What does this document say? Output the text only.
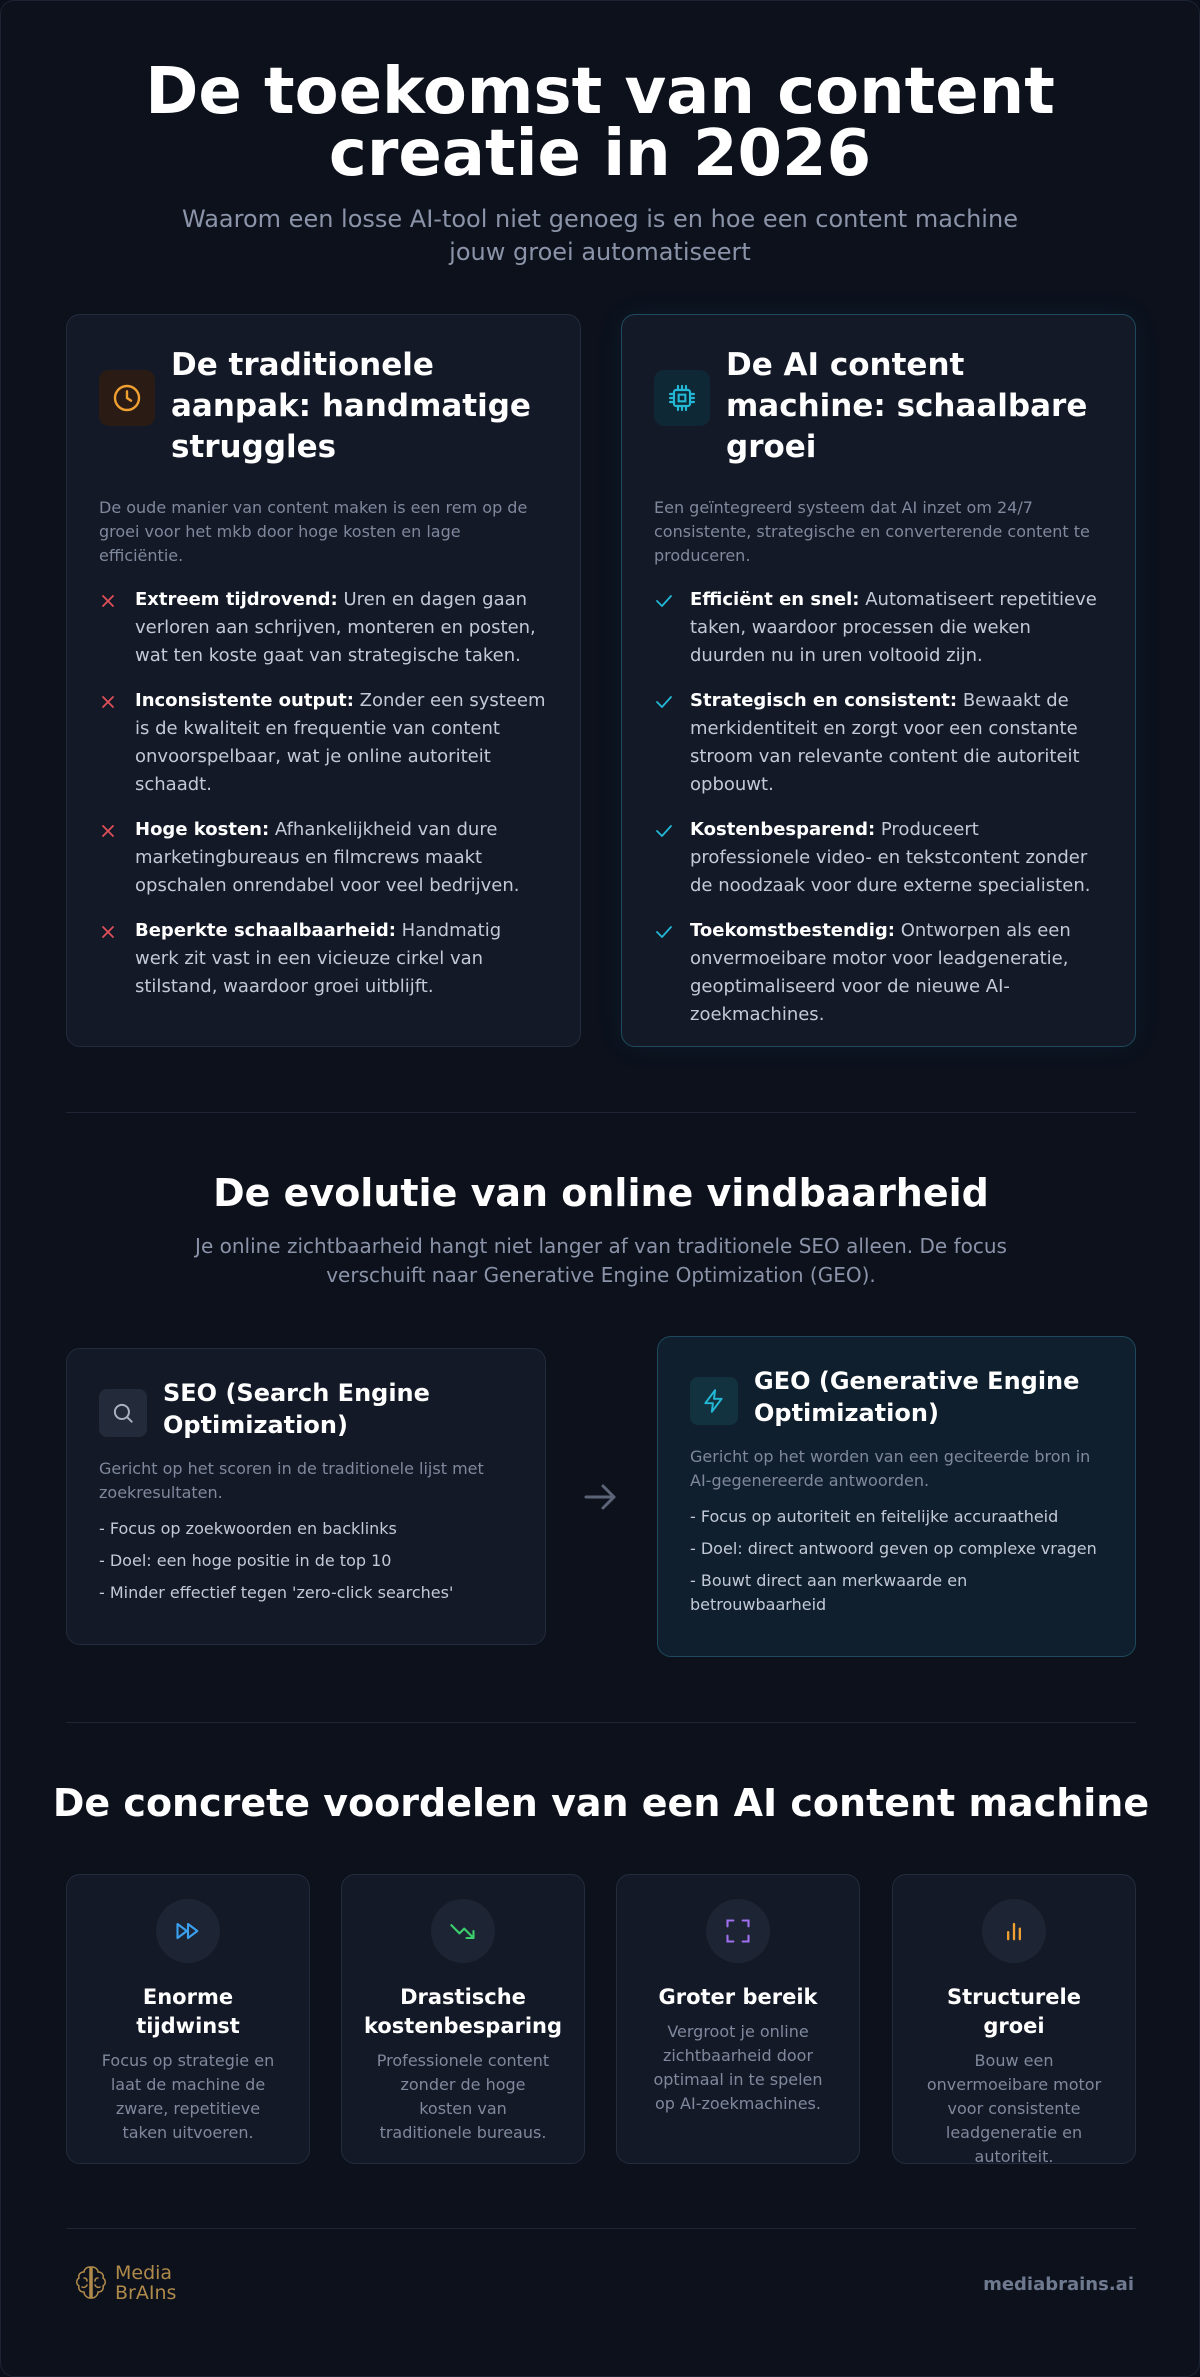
De toekomst van content creatie in 2026

Waarom een losse AI-tool niet genoeg is en hoe een content machine jouw groei automatiseert

De traditionele aanpak: handmatige struggles
De oude manier van content maken is een rem op de groei voor het mkb door hoge kosten en lage efficiëntie.
Extreem tijdrovend: Uren en dagen gaan verloren aan schrijven, monteren en posten, wat ten koste gaat van strategische taken.
Inconsistente output: Zonder een systeem is de kwaliteit en frequentie van content onvoorspelbaar, wat je online autoriteit schaadt.
Hoge kosten: Afhankelijkheid van dure marketingbureaus en filmcrews maakt opschalen onrendabel voor veel bedrijven.
Beperkte schaalbaarheid: Handmatig werk zit vast in een vicieuze cirkel van stilstand, waardoor groei uitblijft.
De AI content machine: schaalbare groei
Een geïntegreerd systeem dat AI inzet om 24/7 consistente, strategische en converterende content te produceren.
Efficiënt en snel: Automatiseert repetitieve taken, waardoor processen die weken duurden nu in uren voltooid zijn.
Strategisch en consistent: Bewaakt de merkidentiteit en zorgt voor een constante stroom van relevante content die autoriteit opbouwt.
Kostenbesparend: Produceert professionele video- en tekstcontent zonder de noodzaak voor dure externe specialisten.
Toekomstbestendig: Ontworpen als een onvermoeibare motor voor leadgeneratie, geoptimaliseerd voor de nieuwe AI-zoekmachines.
De evolutie van online vindbaarheid
Je online zichtbaarheid hangt niet langer af van traditionele SEO alleen. De focus verschuift naar Generative Engine Optimization (GEO).
SEO (Search Engine Optimization)
Gericht op het scoren in de traditionele lijst met zoekresultaten.
- Focus op zoekwoorden en backlinks
- Doel: een hoge positie in de top 10
- Minder effectief tegen 'zero-click searches'
GEO (Generative Engine Optimization)
Gericht op het worden van een geciteerde bron in AI-gegenereerde antwoorden.
- Focus op autoriteit en feitelijke accuraatheid
- Doel: direct antwoord geven op complexe vragen
- Bouwt direct aan merkwaarde en betrouwbaarheid
De concrete voordelen van een AI content machine
Enorme tijdwinst
Focus op strategie en laat de machine de zware, repetitieve taken uitvoeren.
Drastische kostenbesparing
Professionele content zonder de hoge kosten van traditionele bureaus.
Groter bereik
Vergroot je online zichtbaarheid door optimaal in te spelen op AI-zoekmachines.
Structurele groei
Bouw een onvermoeibare motor voor consistente leadgeneratie en autoriteit.
Media
BrAIns	mediabrains.ai
